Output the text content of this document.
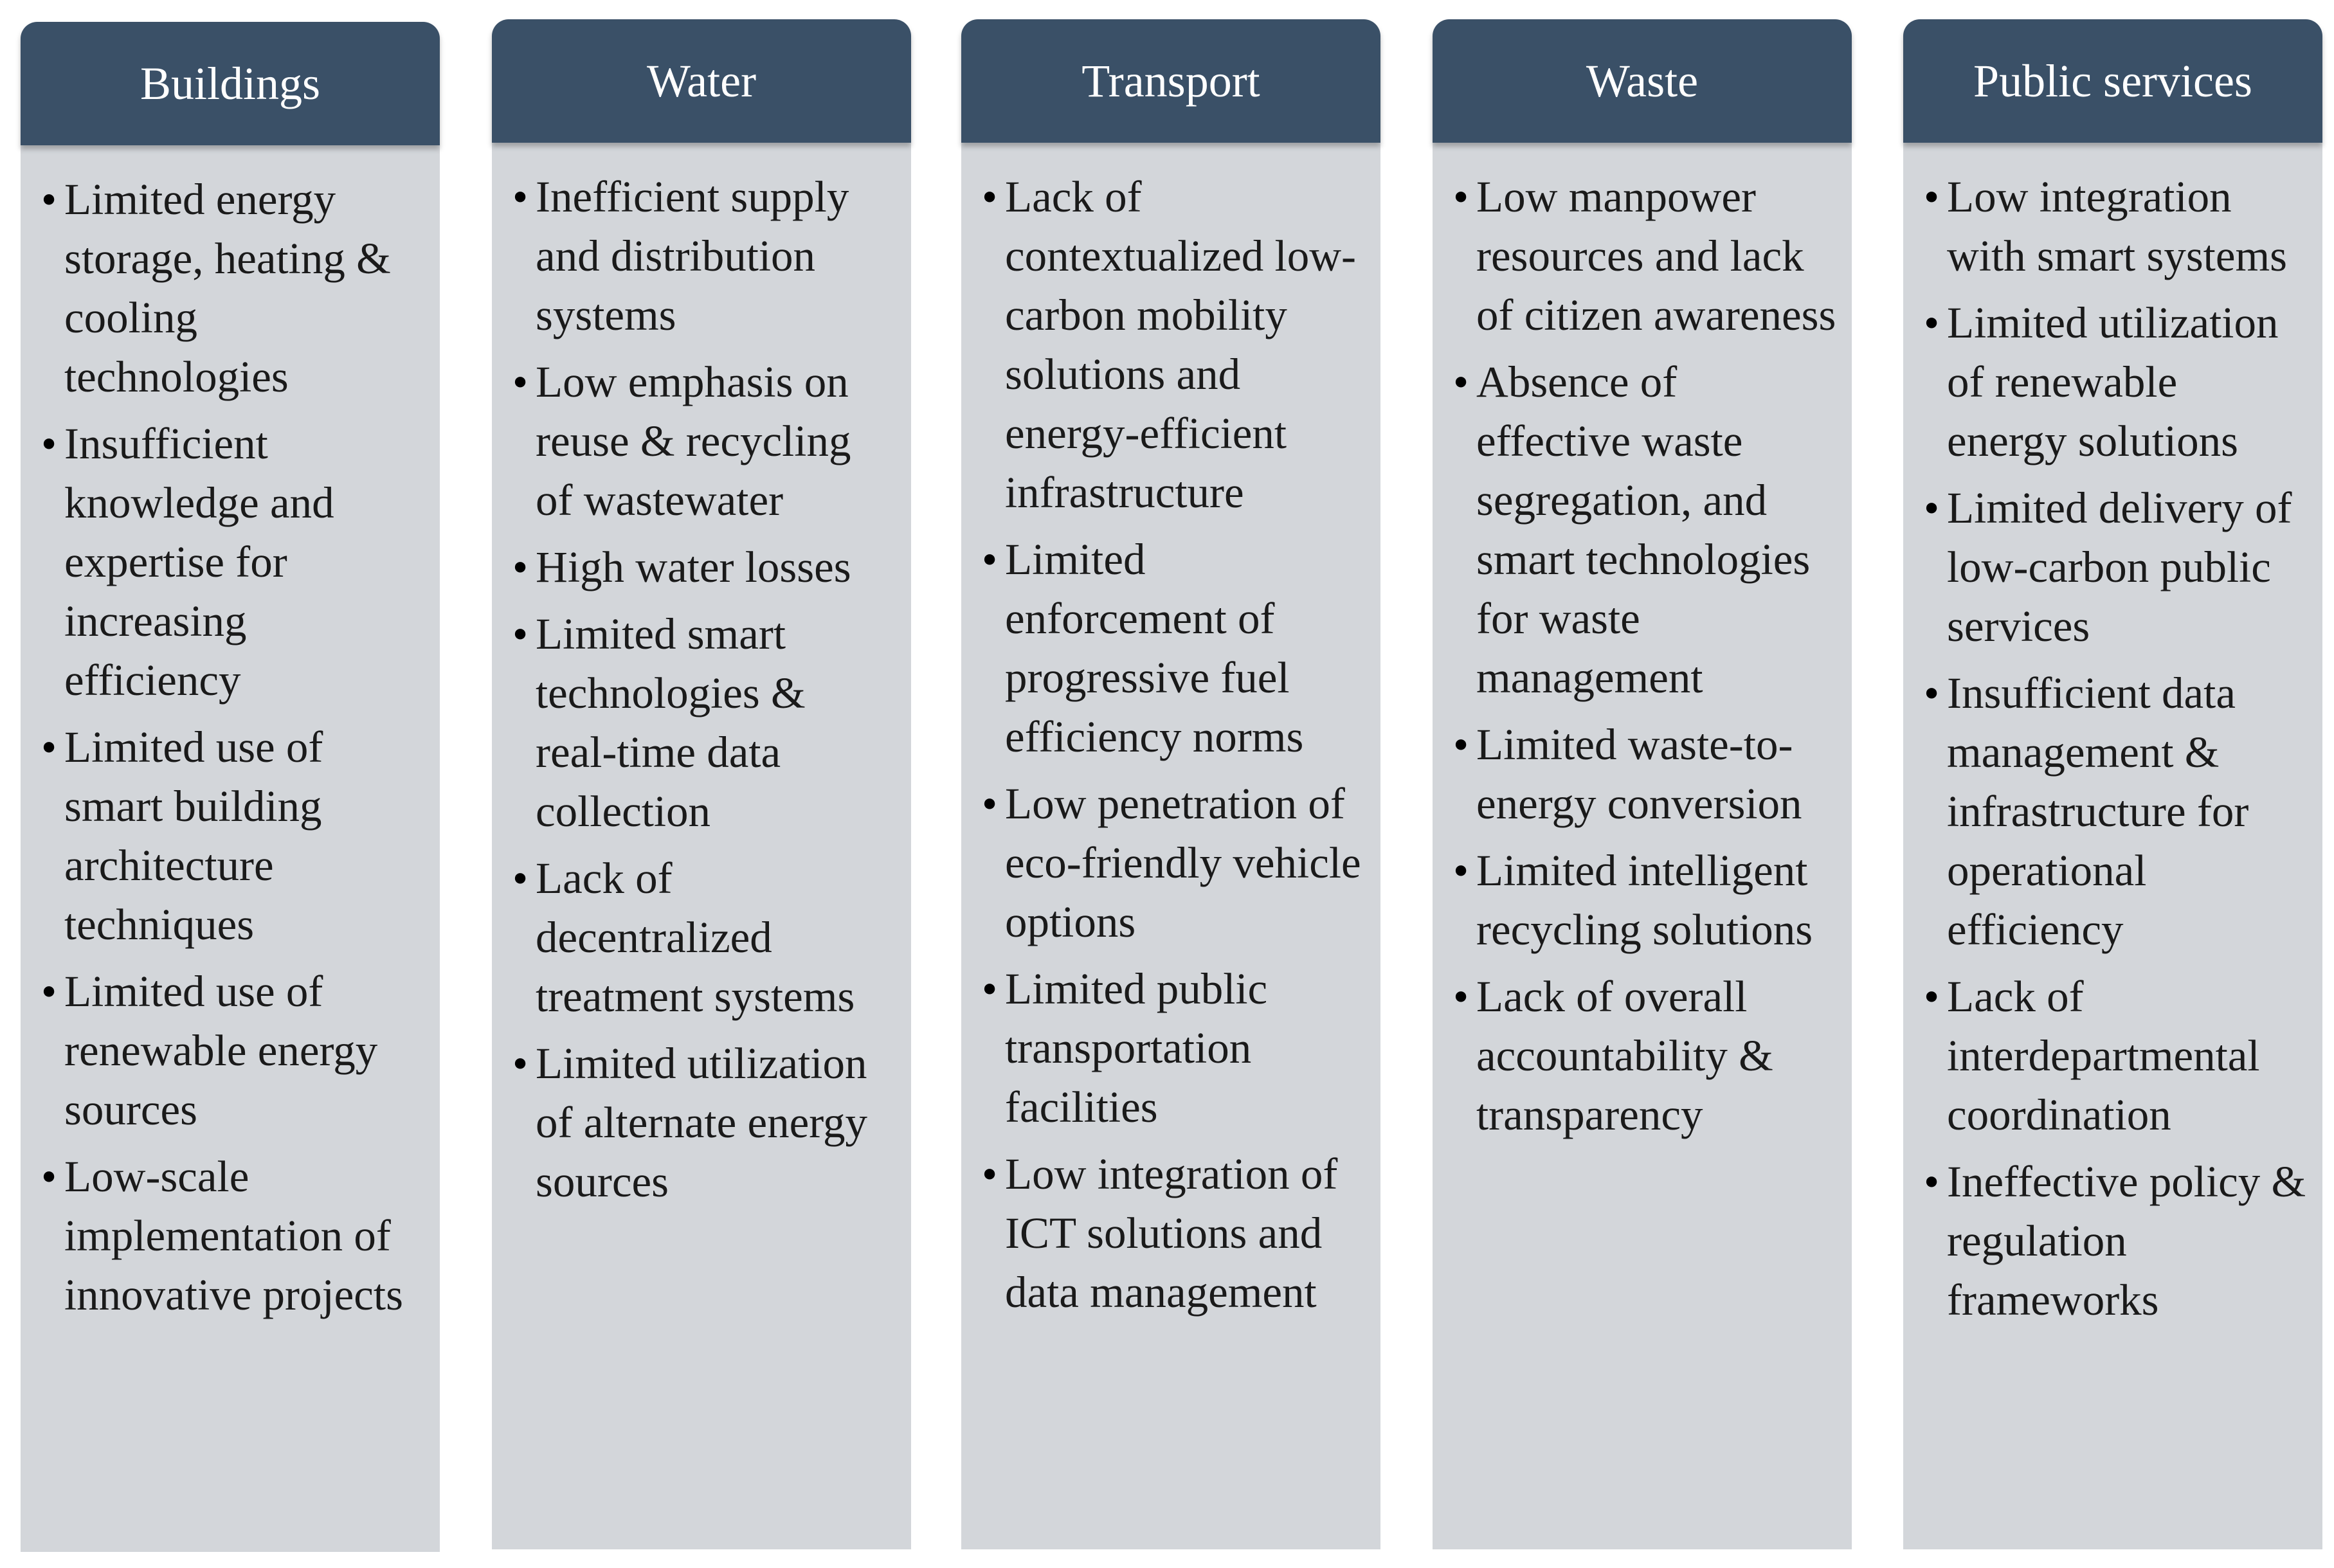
Buildings
• Limited energy storage, heating & cooling technologies
• Insufficient knowledge and expertise for increasing efficiency
• Limited use of smart building architecture techniques
• Limited use of renewable energy sources
• Low-scale implementation of innovative projects
Water
• Inefficient supply and distribution systems
• Low emphasis on reuse & recycling of wastewater
• High water losses
• Limited smart technologies & real-time data collection
• Lack of decentralized treatment systems
• Limited utilization of alternate energy sources
Transport
• Lack of contextualized low-carbon mobility solutions and energy-efficient infrastructure
• Limited enforcement of progressive fuel efficiency norms
• Low penetration of eco-friendly vehicle options
• Limited public transportation facilities
• Low integration of ICT solutions and data management
Waste
• Low manpower resources and lack of citizen awareness
• Absence of effective waste segregation, and smart technologies for waste management
• Limited waste-to-energy conversion
• Limited intelligent recycling solutions
• Lack of overall accountability & transparency
Public services
• Low integration with smart systems
• Limited utilization of renewable energy solutions
• Limited delivery of low-carbon public services
• Insufficient data management & infrastructure for operational efficiency
• Lack of interdepartmental coordination
• Ineffective policy & regulation frameworks
